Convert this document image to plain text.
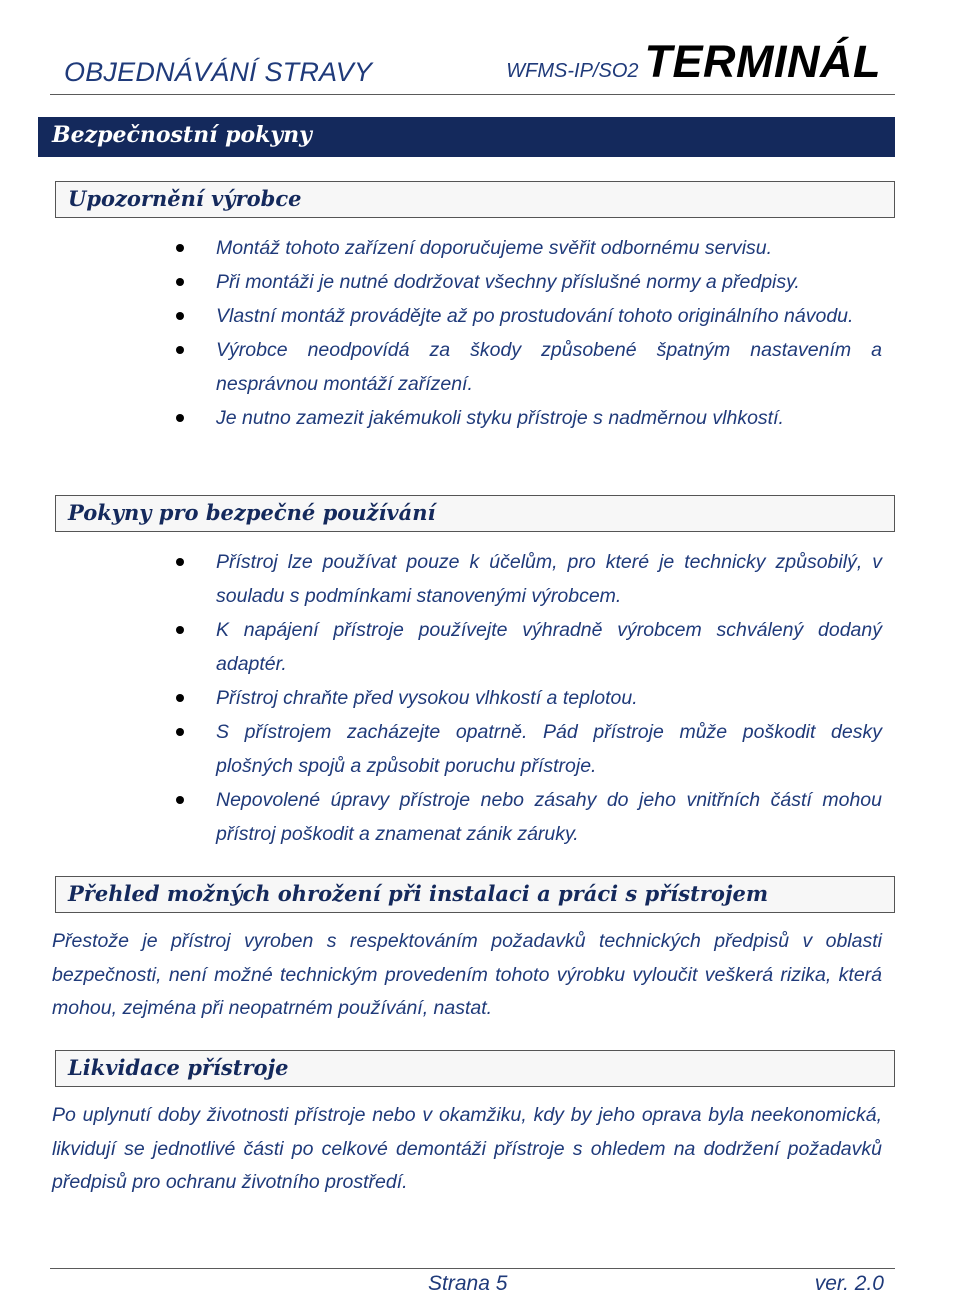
OBJEDNÁVÁNÍ STRAVY	WFMS-IP/SO2 TERMINÁL
Bezpečnostní pokyny
Upozornění výrobce
Montáž tohoto zařízení doporučujeme svěřit odbornému servisu.
Při montáži je nutné dodržovat všechny příslušné normy a předpisy.
Vlastní montáž provádějte až po prostudování tohoto originálního návodu.
Výrobce neodpovídá za škody způsobené špatným nastavením a nesprávnou montáží zařízení.
Je nutno zamezit jakémukoli styku přístroje s nadměrnou vlhkostí.
Pokyny pro bezpečné používání
Přístroj lze používat pouze k účelům, pro které je technicky způsobilý, v souladu s podmínkami stanovenými výrobcem.
K napájení přístroje používejte výhradně výrobcem schválený dodaný adaptér.
Přístroj chraňte před vysokou vlhkostí a teplotou.
S přístrojem zacházejte opatrně. Pád přístroje může poškodit desky plošných spojů a způsobit poruchu přístroje.
Nepovolené úpravy přístroje nebo zásahy do jeho vnitřních částí mohou přístroj poškodit a znamenat zánik záruky.
Přehled možných ohrožení při instalaci a práci s přístrojem

Přestože je přístroj vyroben s respektováním požadavků technických předpisů v oblasti bezpečnosti, není možné technickým provedením tohoto výrobku vyloučit veškerá rizika, která mohou, zejména při neopatrném používání, nastat.

Likvidace přístroje

Po uplynutí doby životnosti přístroje nebo v okamžiku, kdy by jeho oprava byla neekonomická, likvidují se jednotlivé části po celkové demontáži přístroje s ohledem na dodržení požadavků předpisů pro ochranu životního prostředí.

Strana 5	ver. 2.0
